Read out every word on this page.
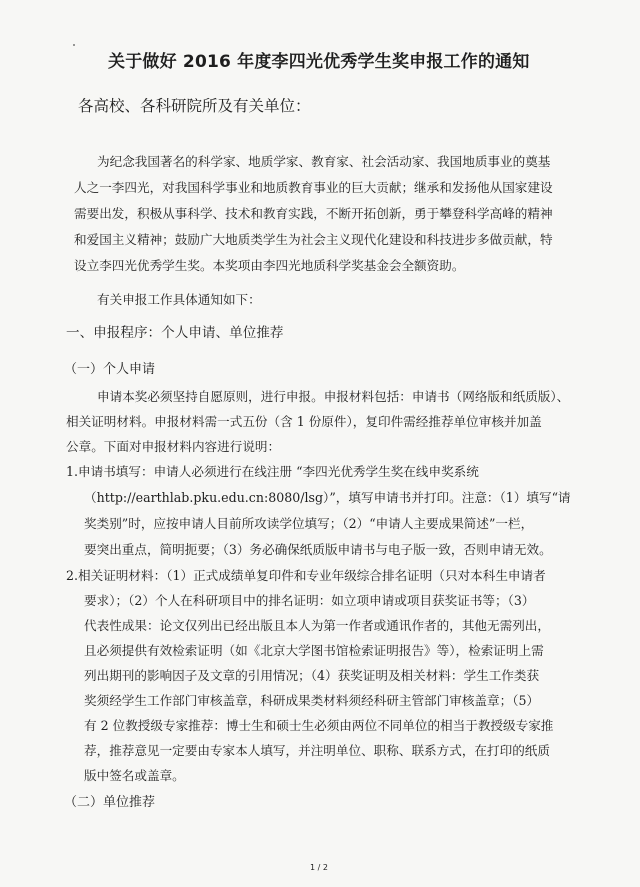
关于做好 2016 年度李四光优秀学生奖申报工作的通知
各高校、各科研院所及有关单位：
为纪念我国著名的科学家、地质学家、教育家、社会活动家、我国地质事业的奠基
人之一李四光，对我国科学事业和地质教育事业的巨大贡献；继承和发扬他从国家建设
需要出发，积极从事科学、技术和教育实践，不断开拓创新，勇于攀登科学高峰的精神
和爱国主义精神；鼓励广大地质类学生为社会主义现代化建设和科技进步多做贡献，特
设立李四光优秀学生奖。本奖项由李四光地质科学奖基金会全额资助。
有关申报工作具体通知如下：
一、申报程序：个人申请、单位推荐
（一）个人申请
申请本奖必须坚持自愿原则，进行申报。申报材料包括：申请书（网络版和纸质版）、
相关证明材料。申报材料需一式五份（含 1 份原件），复印件需经推荐单位审核并加盖
公章。下面对申报材料内容进行说明：
1.申请书填写：申请人必须进行在线注册 “李四光优秀学生奖在线申奖系统
（http://earthlab.pku.edu.cn:8080/lsg）”，填写申请书并打印。注意：（1）填写“请
奖类别”时，应按申请人目前所攻读学位填写；（2）“申请人主要成果简述”一栏，
要突出重点，简明扼要；（3）务必确保纸质版申请书与电子版一致，否则申请无效。
2.相关证明材料：（1）正式成绩单复印件和专业年级综合排名证明（只对本科生申请者
要求）；（2）个人在科研项目中的排名证明：如立项申请或项目获奖证书等；（3）
代表性成果：论文仅列出已经出版且本人为第一作者或通讯作者的，其他无需列出，
且必须提供有效检索证明（如《北京大学图书馆检索证明报告》等），检索证明上需
列出期刊的影响因子及文章的引用情况；（4）获奖证明及相关材料：学生工作类获
奖须经学生工作部门审核盖章，科研成果类材料须经科研主管部门审核盖章；（5）
有 2 位教授级专家推荐：博士生和硕士生必须由两位不同单位的相当于教授级专家推
荐，推荐意见一定要由专家本人填写，并注明单位、职称、联系方式，在打印的纸质
版中签名或盖章。
（二）单位推荐
1 / 2
